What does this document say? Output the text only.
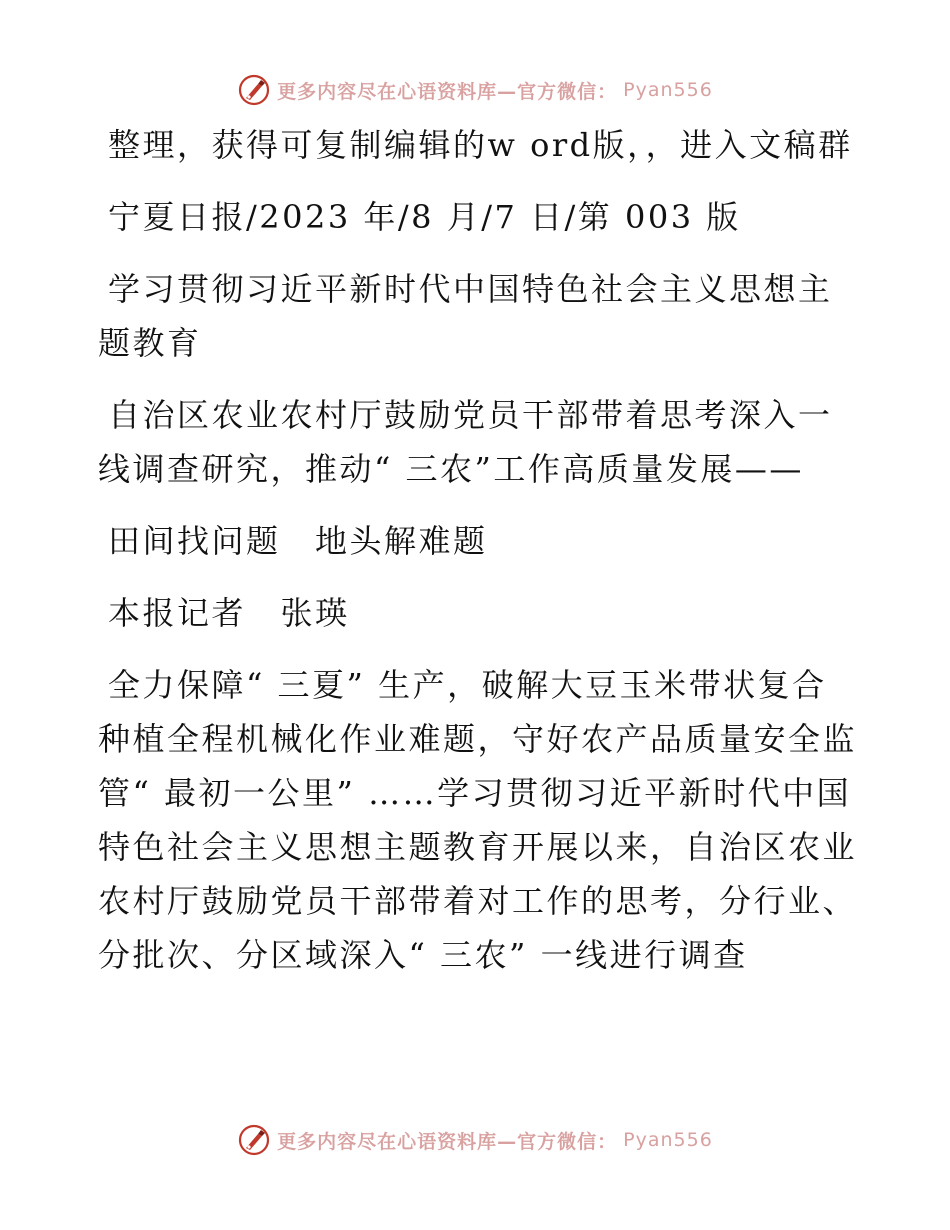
更多内容尽在心语资料库—官方微信： Pyan556

整理，获得可复制编辑的w ord版，，进入文稿群

宁夏日报/2023 年/8 月/7 日/第 003 版

学习贯彻习近平新时代中国特色社会主义思想主题教育

自治区农业农村厅鼓励党员干部带着思考深入一线调查研究，推动“ 三农”工作高质量发展——

田间找问题　地头解难题

本报记者　张瑛

全力保障“ 三夏” 生产，破解大豆玉米带状复合种植全程机械化作业难题，守好农产品质量安全监管“ 最初一公里” ……学习贯彻习近平新时代中国特色社会主义思想主题教育开展以来，自治区农业农村厅鼓励党员干部带着对工作的思考，分行业、分批次、分区域深入“ 三农” 一线进行调查

更多内容尽在心语资料库—官方微信： Pyan556
